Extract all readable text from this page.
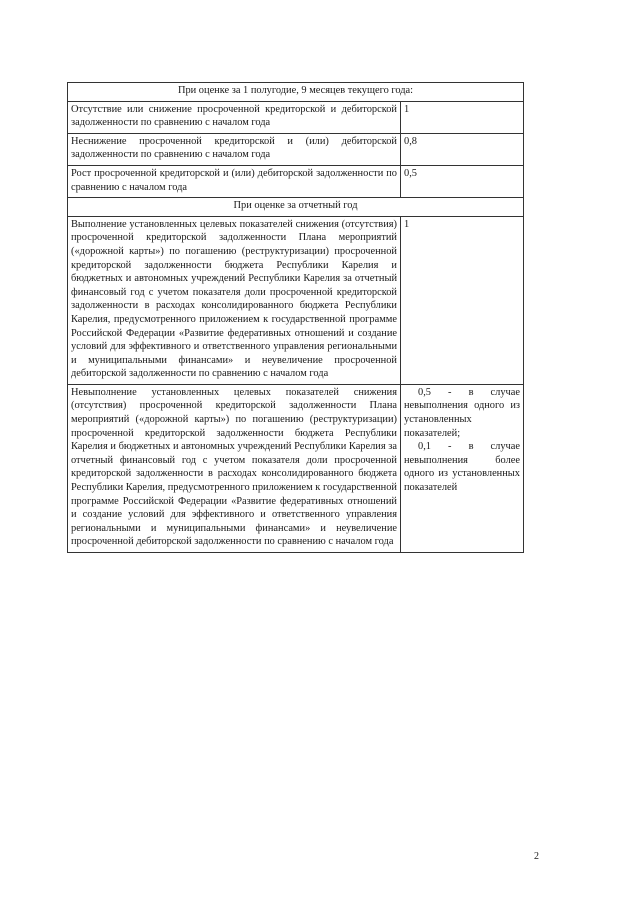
При оценке за 1 полугодие, 9 месяцев текущего года:	
Отсутствие или снижение просроченной кредиторской и дебиторской задолженности по сравнению с началом года	1
Неснижение просроченной кредиторской и (или) дебиторской задолженности по сравнению с началом года	0,8
Рост просроченной кредиторской и (или) дебиторской задолженности по сравнению с началом года	0,5
При оценке за отчетный год	
Выполнение установленных целевых показателей снижения (отсутствия) просроченной кредиторской задолженности Плана мероприятий («дорожной карты») по погашению (реструктуризации) просроченной кредиторской задолженности бюджета Республики Карелия и бюджетных и автономных учреждений Республики Карелия за отчетный финансовый год с учетом показателя доли просроченной кредиторской задолженности в расходах консолидированного бюджета Республики Карелия, предусмотренного приложением к государственной программе Российской Федерации «Развитие федеративных отношений и создание условий для эффективного и ответственного управления региональными и муниципальными финансами» и неувеличение просроченной дебиторской задолженности по сравнению с началом года	1
Невыполнение установленных целевых показателей снижения (отсутствия) просроченной кредиторской задолженности Плана мероприятий («дорожной карты») по погашению (реструктуризации) просроченной кредиторской задолженности бюджета Республики Карелия и бюджетных и автономных учреждений Республики Карелия за отчетный финансовый год с учетом показателя доли просроченной кредиторской задолженности в расходах консолидированного бюджета Республики Карелия, предусмотренного приложением к государственной программе Российской Федерации «Развитие федеративных отношений и создание условий для эффективного и ответственного управления региональными и муниципальными финансами» и неувеличение просроченной дебиторской задолженности по сравнению с началом года	0,5 - в случае невыполнения одного из установленных показателей;
0,1 - в случае невыполнения более одного из установленных показателей
2
